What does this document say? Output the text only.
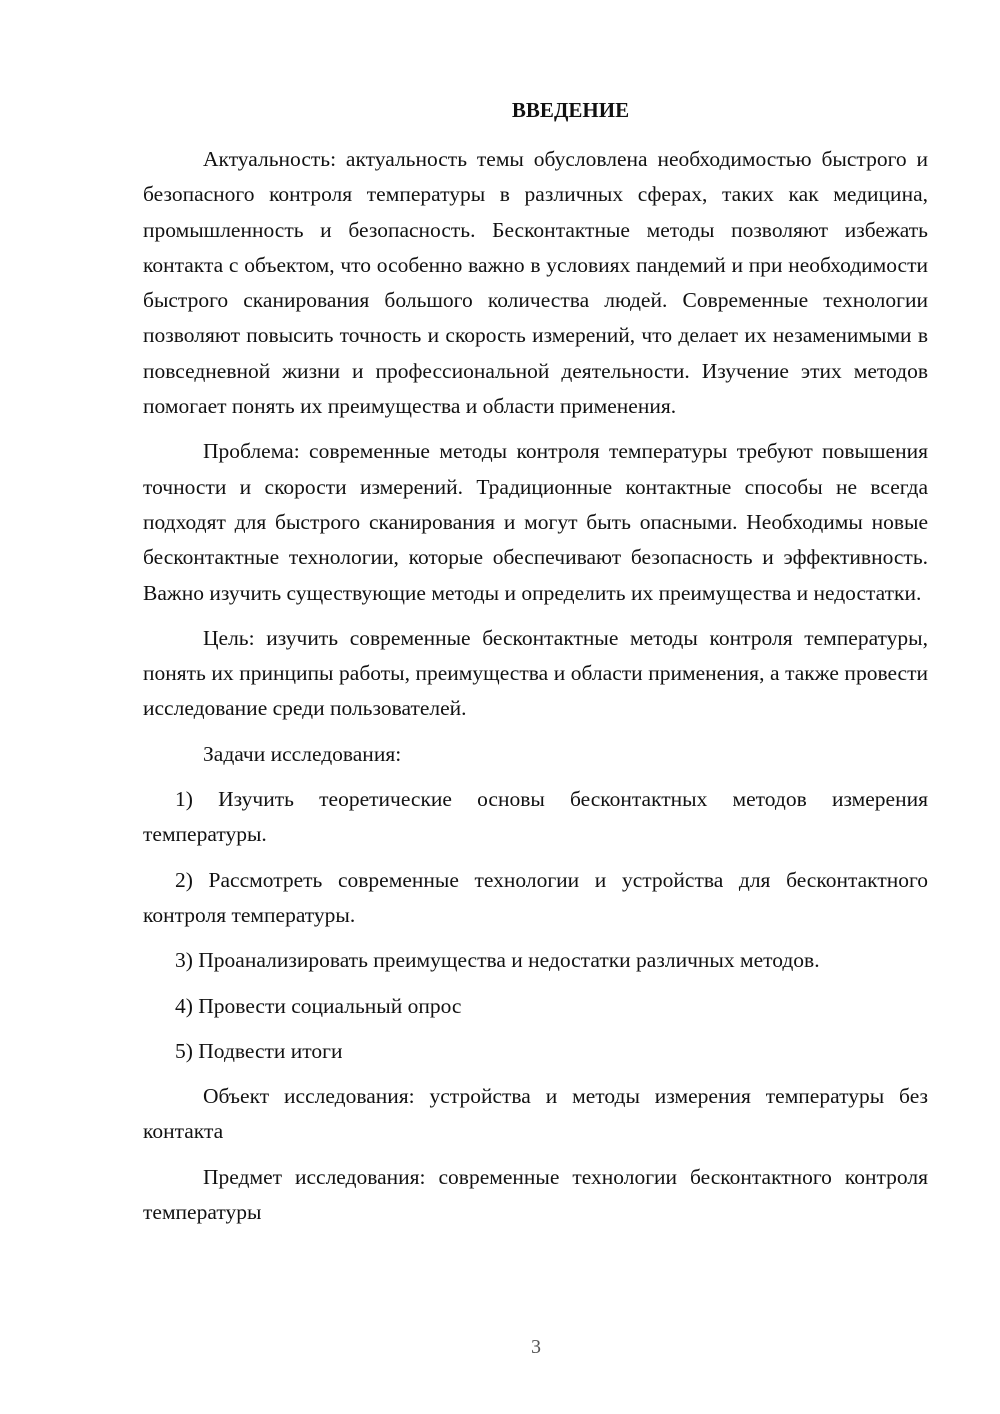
ВВЕДЕНИЕ

Актуальность: актуальность темы обусловлена необходимостью быстрого и безопасного контроля температуры в различных сферах, таких как медицина, промышленность и безопасность. Бесконтактные методы позволяют избежать контакта с объектом, что особенно важно в условиях пандемий и при необходимости быстрого сканирования большого количества людей. Современные технологии позволяют повысить точность и скорость измерений, что делает их незаменимыми в повседневной жизни и профессиональной деятельности. Изучение этих методов помогает понять их преимущества и области применения.

Проблема: современные методы контроля температуры требуют повышения точности и скорости измерений. Традиционные контактные способы не всегда подходят для быстрого сканирования и могут быть опасными. Необходимы новые бесконтактные технологии, которые обеспечивают безопасность и эффективность. Важно изучить существующие методы и определить их преимущества и недостатки.

Цель: изучить современные бесконтактные методы контроля температуры, понять их принципы работы, преимущества и области применения, а также провести исследование среди пользователей.

Задачи исследования:

1) Изучить теоретические основы бесконтактных методов измерения температуры.

2) Рассмотреть современные технологии и устройства для бесконтактного контроля температуры.

3) Проанализировать преимущества и недостатки различных методов.

4) Провести социальный опрос

5) Подвести итоги

Объект исследования: устройства и методы измерения температуры без контакта

Предмет исследования: современные технологии бесконтактного контроля температуры

3
